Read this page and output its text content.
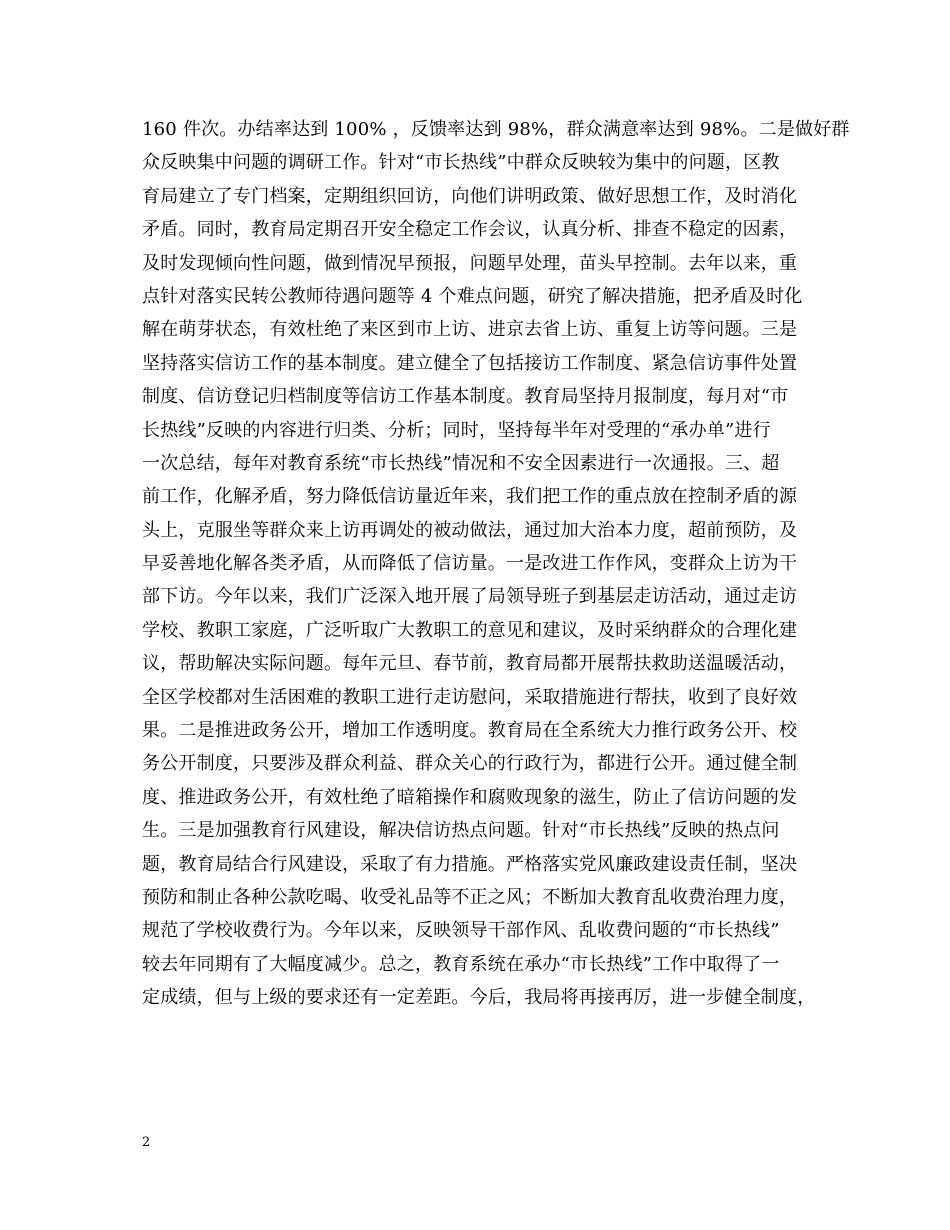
160 件次。办结率达到 100% ，反馈率达到 98%，群众满意率达到 98%。二是做好群
众反映集中问题的调研工作。针对“市长热线”中群众反映较为集中的问题，区教
育局建立了专门档案，定期组织回访，向他们讲明政策、做好思想工作，及时消化
矛盾。同时，教育局定期召开安全稳定工作会议，认真分析、排查不稳定的因素，
及时发现倾向性问题，做到情况早预报，问题早处理，苗头早控制。去年以来，重
点针对落实民转公教师待遇问题等 4 个难点问题，研究了解决措施，把矛盾及时化
解在萌芽状态，有效杜绝了来区到市上访、进京去省上访、重复上访等问题。三是
坚持落实信访工作的基本制度。建立健全了包括接访工作制度、紧急信访事件处置
制度、信访登记归档制度等信访工作基本制度。教育局坚持月报制度，每月对“市
长热线”反映的内容进行归类、分析；同时，坚持每半年对受理的“承办单”进行
一次总结，每年对教育系统“市长热线”情况和不安全因素进行一次通报。三、超
前工作，化解矛盾，努力降低信访量近年来，我们把工作的重点放在控制矛盾的源
头上，克服坐等群众来上访再调处的被动做法，通过加大治本力度，超前预防，及
早妥善地化解各类矛盾，从而降低了信访量。一是改进工作作风，变群众上访为干
部下访。今年以来，我们广泛深入地开展了局领导班子到基层走访活动，通过走访
学校、教职工家庭，广泛听取广大教职工的意见和建议，及时采纳群众的合理化建
议，帮助解决实际问题。每年元旦、春节前，教育局都开展帮扶救助送温暖活动，
全区学校都对生活困难的教职工进行走访慰问，采取措施进行帮扶，收到了良好效
果。二是推进政务公开，增加工作透明度。教育局在全系统大力推行政务公开、校
务公开制度，只要涉及群众利益、群众关心的行政行为，都进行公开。通过健全制
度、推进政务公开，有效杜绝了暗箱操作和腐败现象的滋生，防止了信访问题的发
生。三是加强教育行风建设，解决信访热点问题。针对“市长热线”反映的热点问
题，教育局结合行风建设，采取了有力措施。严格落实党风廉政建设责任制，坚决
预防和制止各种公款吃喝、收受礼品等不正之风；不断加大教育乱收费治理力度，
规范了学校收费行为。今年以来，反映领导干部作风、乱收费问题的“市长热线”
较去年同期有了大幅度减少。总之，教育系统在承办“市长热线”工作中取得了一
定成绩，但与上级的要求还有一定差距。今后，我局将再接再厉，进一步健全制度，
2
